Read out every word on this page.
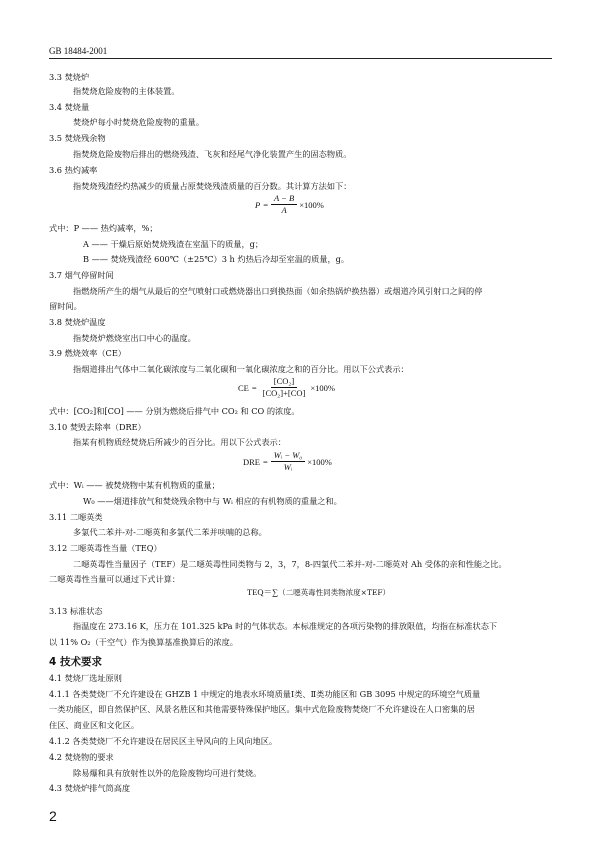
GB 18484-2001
3.3 焚烧炉
指焚烧危险废物的主体装置。
3.4 焚烧量
焚烧炉每小时焚烧危险废物的重量。
3.5 焚烧残余物
指焚烧危险废物后排出的燃烧残渣、飞灰和经尾气净化装置产生的固态物质。
3.6 热灼减率
指焚烧残渣经灼热减少的质量占原焚烧残渣质量的百分数。其计算方法如下：
式中：P —— 热灼减率，%；
A —— 干燥后原始焚烧残渣在室温下的质量，g；
B —— 焚烧残渣经 600℃（±25℃）3 h 灼热后冷却至室温的质量，g。
3.7 烟气停留时间
指燃烧所产生的烟气从最后的空气喷射口或燃烧器出口到换热面（如余热锅炉换热器）或烟道冷风引射口之间的停
留时间。
3.8 焚烧炉温度
指焚烧炉燃烧室出口中心的温度。
3.9 燃烧效率（CE）
指烟道排出气体中二氧化碳浓度与二氧化碳和一氧化碳浓度之和的百分比。用以下公式表示：
式中：[CO₂]和[CO] —— 分别为燃烧后排气中 CO₂ 和 CO 的浓度。
3.10 焚毁去除率（DRE）
指某有机物质经焚烧后所减少的百分比。用以下公式表示：
式中：Wᵢ —— 被焚烧物中某有机物质的重量；
W₀ ——烟道排放气和焚烧残余物中与 Wᵢ 相应的有机物质的重量之和。
3.11 二噁英类
多氯代二苯并-对-二噁英和多氯代二苯并呋喃的总称。
3.12 二噁英毒性当量（TEQ）
二噁英毒性当量因子（TEF）是二噁英毒性同类物与 2，3，7，8-四氯代二苯并-对-二噁英对 Ah 受体的亲和性能之比。
二噁英毒性当量可以通过下式计算：
3.13 标准状态
指温度在 273.16 K，压力在 101.325 kPa 时的气体状态。本标准规定的各项污染物的排放限值，均指在标准状态下
以 11% O₂（干空气）作为换算基准换算后的浓度。
4.1 焚烧厂选址原则
4.1.1 各类焚烧厂不允许建设在 GHZB 1 中规定的地表水环境质量Ⅰ类、Ⅱ类功能区和 GB 3095 中规定的环境空气质量
一类功能区，即自然保护区、风景名胜区和其他需要特殊保护地区。集中式危险废物焚烧厂不允许建设在人口密集的居
住区、商业区和文化区。
4.1.2 各类焚烧厂不允许建设在居民区主导风向的上风向地区。
4.2 焚烧物的要求
除易爆和具有放射性以外的危险废物均可进行焚烧。
4.3 焚烧炉排气筒高度
$P = \frac{A - B}{A} \times 100\%$
CE = $\frac{\text{[CO₂]}}{\text{[CO₂]+[CO]}} \times 100\%$
DRE = $\frac{\text{Wᵢ − W₀}}{\text{Wᵢ}} \times 100\%$
TEQ ＝∑ （二噁英毒性同类物浓度×TEF）
4 技术要求
2
